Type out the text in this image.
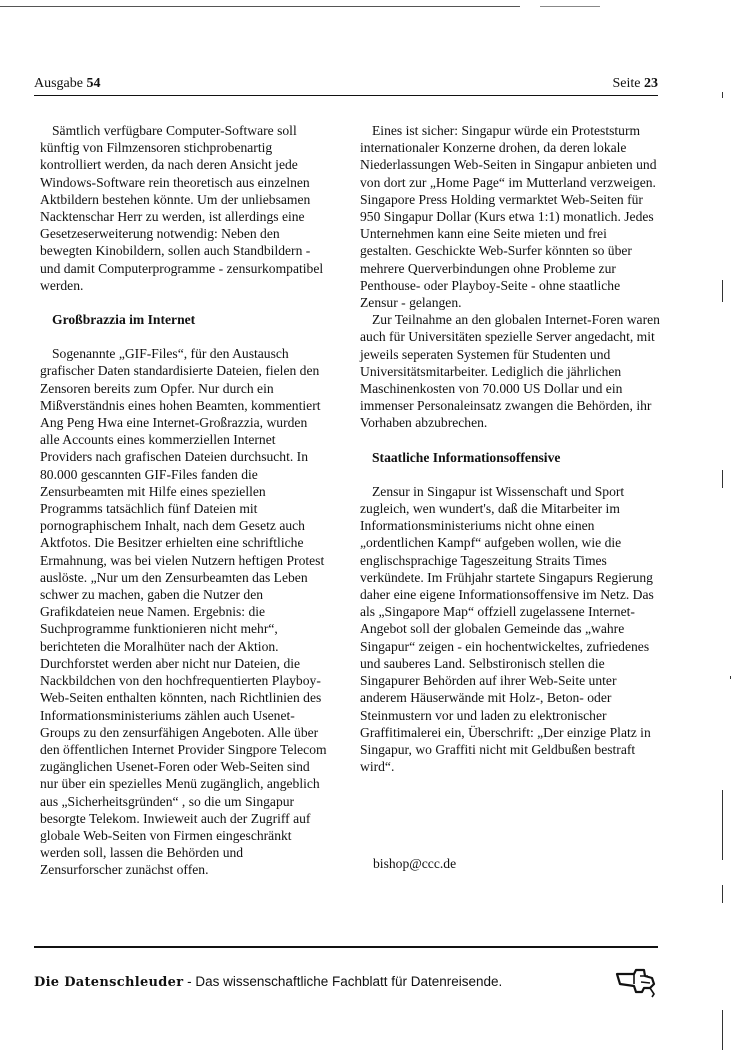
Ausgabe 54	Seite 23

Sämtlich verfügbare Computer-Software soll künftig von Filmzensoren stichprobenartig kontrolliert werden, da nach deren Ansicht jede Windows-Software rein theoretisch aus einzelnen Aktbildern bestehen könnte. Um der unliebsamen Nacktenschar Herr zu werden, ist allerdings eine Gesetzeserweiterung notwendig: Neben den bewegten Kinobildern, sollen auch Standbildern - und damit Computerprogramme - zensurkompatibel werden.

Großbrazzia im Internet

Sogenannte „GIF-Files“, für den Austausch grafischer Daten standardisierte Dateien, fielen den Zensoren bereits zum Opfer. Nur durch ein Mißverständnis eines hohen Beamten, kommentiert Ang Peng Hwa eine Internet-Großrazzia, wurden alle Accounts eines kommerziellen Internet Providers nach grafischen Dateien durchsucht. In 80.000 gescannten GIF-Files fanden die Zensurbeamten mit Hilfe eines speziellen Programms tatsächlich fünf Dateien mit pornographischem Inhalt, nach dem Gesetz auch Aktfotos. Die Besitzer erhielten eine schriftliche Ermahnung, was bei vielen Nutzern heftigen Protest auslöste. „Nur um den Zensurbeamten das Leben schwer zu machen, gaben die Nutzer den Grafikdateien neue Namen. Ergebnis: die Suchprogramme funktionieren nicht mehr“, berichteten die Moralhüter nach der Aktion. Durchforstet werden aber nicht nur Dateien, die Nackbildchen von den hochfrequentierten Playboy-Web-Seiten enthalten könnten, nach Richtlinien des Informationsministeriums zählen auch Usenet-Groups zu den zensurfähigen Angeboten. Alle über den öffentlichen Internet Provider Singpore Telecom zugänglichen Usenet-Foren oder Web-Seiten sind nur über ein spezielles Menü zugänglich, angeblich aus „Sicherheitsgründen“ , so die um Singapur besorgte Telekom. Inwieweit auch der Zugriff auf globale Web-Seiten von Firmen eingeschränkt werden soll, lassen die Behörden und Zensurforscher zunächst offen.

Eines ist sicher: Singapur würde ein Proteststurm internationaler Konzerne drohen, da deren lokale Niederlassungen Web-Seiten in Singapur anbieten und von dort zur „Home Page“ im Mutterland verzweigen. Singapore Press Holding vermarktet Web-Seiten für 950 Singapur Dollar (Kurs etwa 1:1) monatlich. Jedes Unternehmen kann eine Seite mieten und frei gestalten. Geschickte Web-Surfer könnten so über mehrere Querverbindungen ohne Probleme zur Penthouse- oder Playboy-Seite - ohne staatliche Zensur - gelangen.

Zur Teilnahme an den globalen Internet-Foren waren auch für Universitäten spezielle Server angedacht, mit jeweils seperaten Systemen für Studenten und Universitätsmitarbeiter. Lediglich die jährlichen Maschinenkosten von 70.000 US Dollar und ein immenser Personaleinsatz zwangen die Behörden, ihr Vorhaben abzubrechen.

Staatliche Informationsoffensive

Zensur in Singapur ist Wissenschaft und Sport zugleich, wen wundert's, daß die Mitarbeiter im Informationsministeriums nicht ohne einen „ordentlichen Kampf“ aufgeben wollen, wie die englischsprachige Tageszeitung Straits Times verkündete. Im Frühjahr startete Singapurs Regierung daher eine eigene Informationsoffensive im Netz. Das als „Singapore Map“ offziell zugelassene Internet-Angebot soll der globalen Gemeinde das „wahre Singapur“ zeigen - ein hochentwickeltes, zufriedenes und sauberes Land. Selbstironisch stellen die Singapurer Behörden auf ihrer Web-Seite unter anderem Häuserwände mit Holz-, Beton- oder Steinmustern vor und laden zu elektronischer Graffitimalerei ein, Überschrift: „Der einzige Platz in Singapur, wo Graffiti nicht mit Geldbußen bestraft wird“.

bishop@ccc.de
Die Datenschleuder - Das wissenschaftliche Fachblatt für Datenreisende.
